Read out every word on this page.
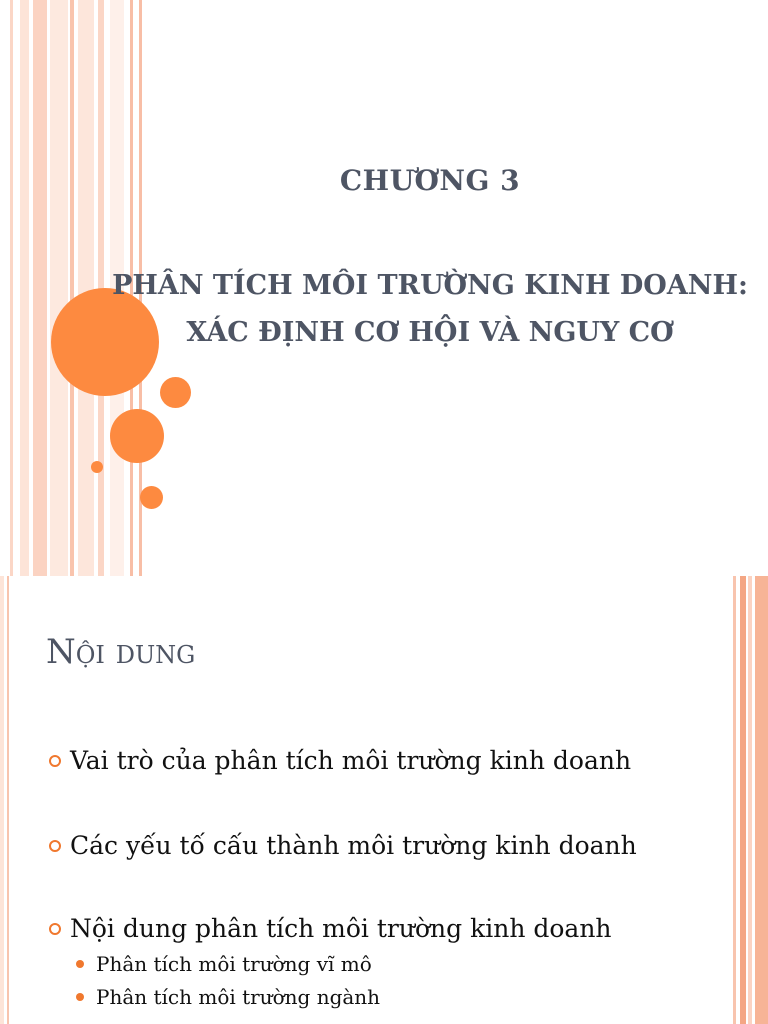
CHƯƠNG 3
PHÂN TÍCH MÔI TRƯỜNG KINH DOANH:
XÁC ĐỊNH CƠ HỘI VÀ NGUY CƠ
Nội dung
Vai trò của phân tích môi trường kinh doanh
Các yếu tố cấu thành môi trường kinh doanh
Nội dung phân tích môi trường kinh doanh
Phân tích môi trường vĩ mô
Phân tích môi trường ngành
